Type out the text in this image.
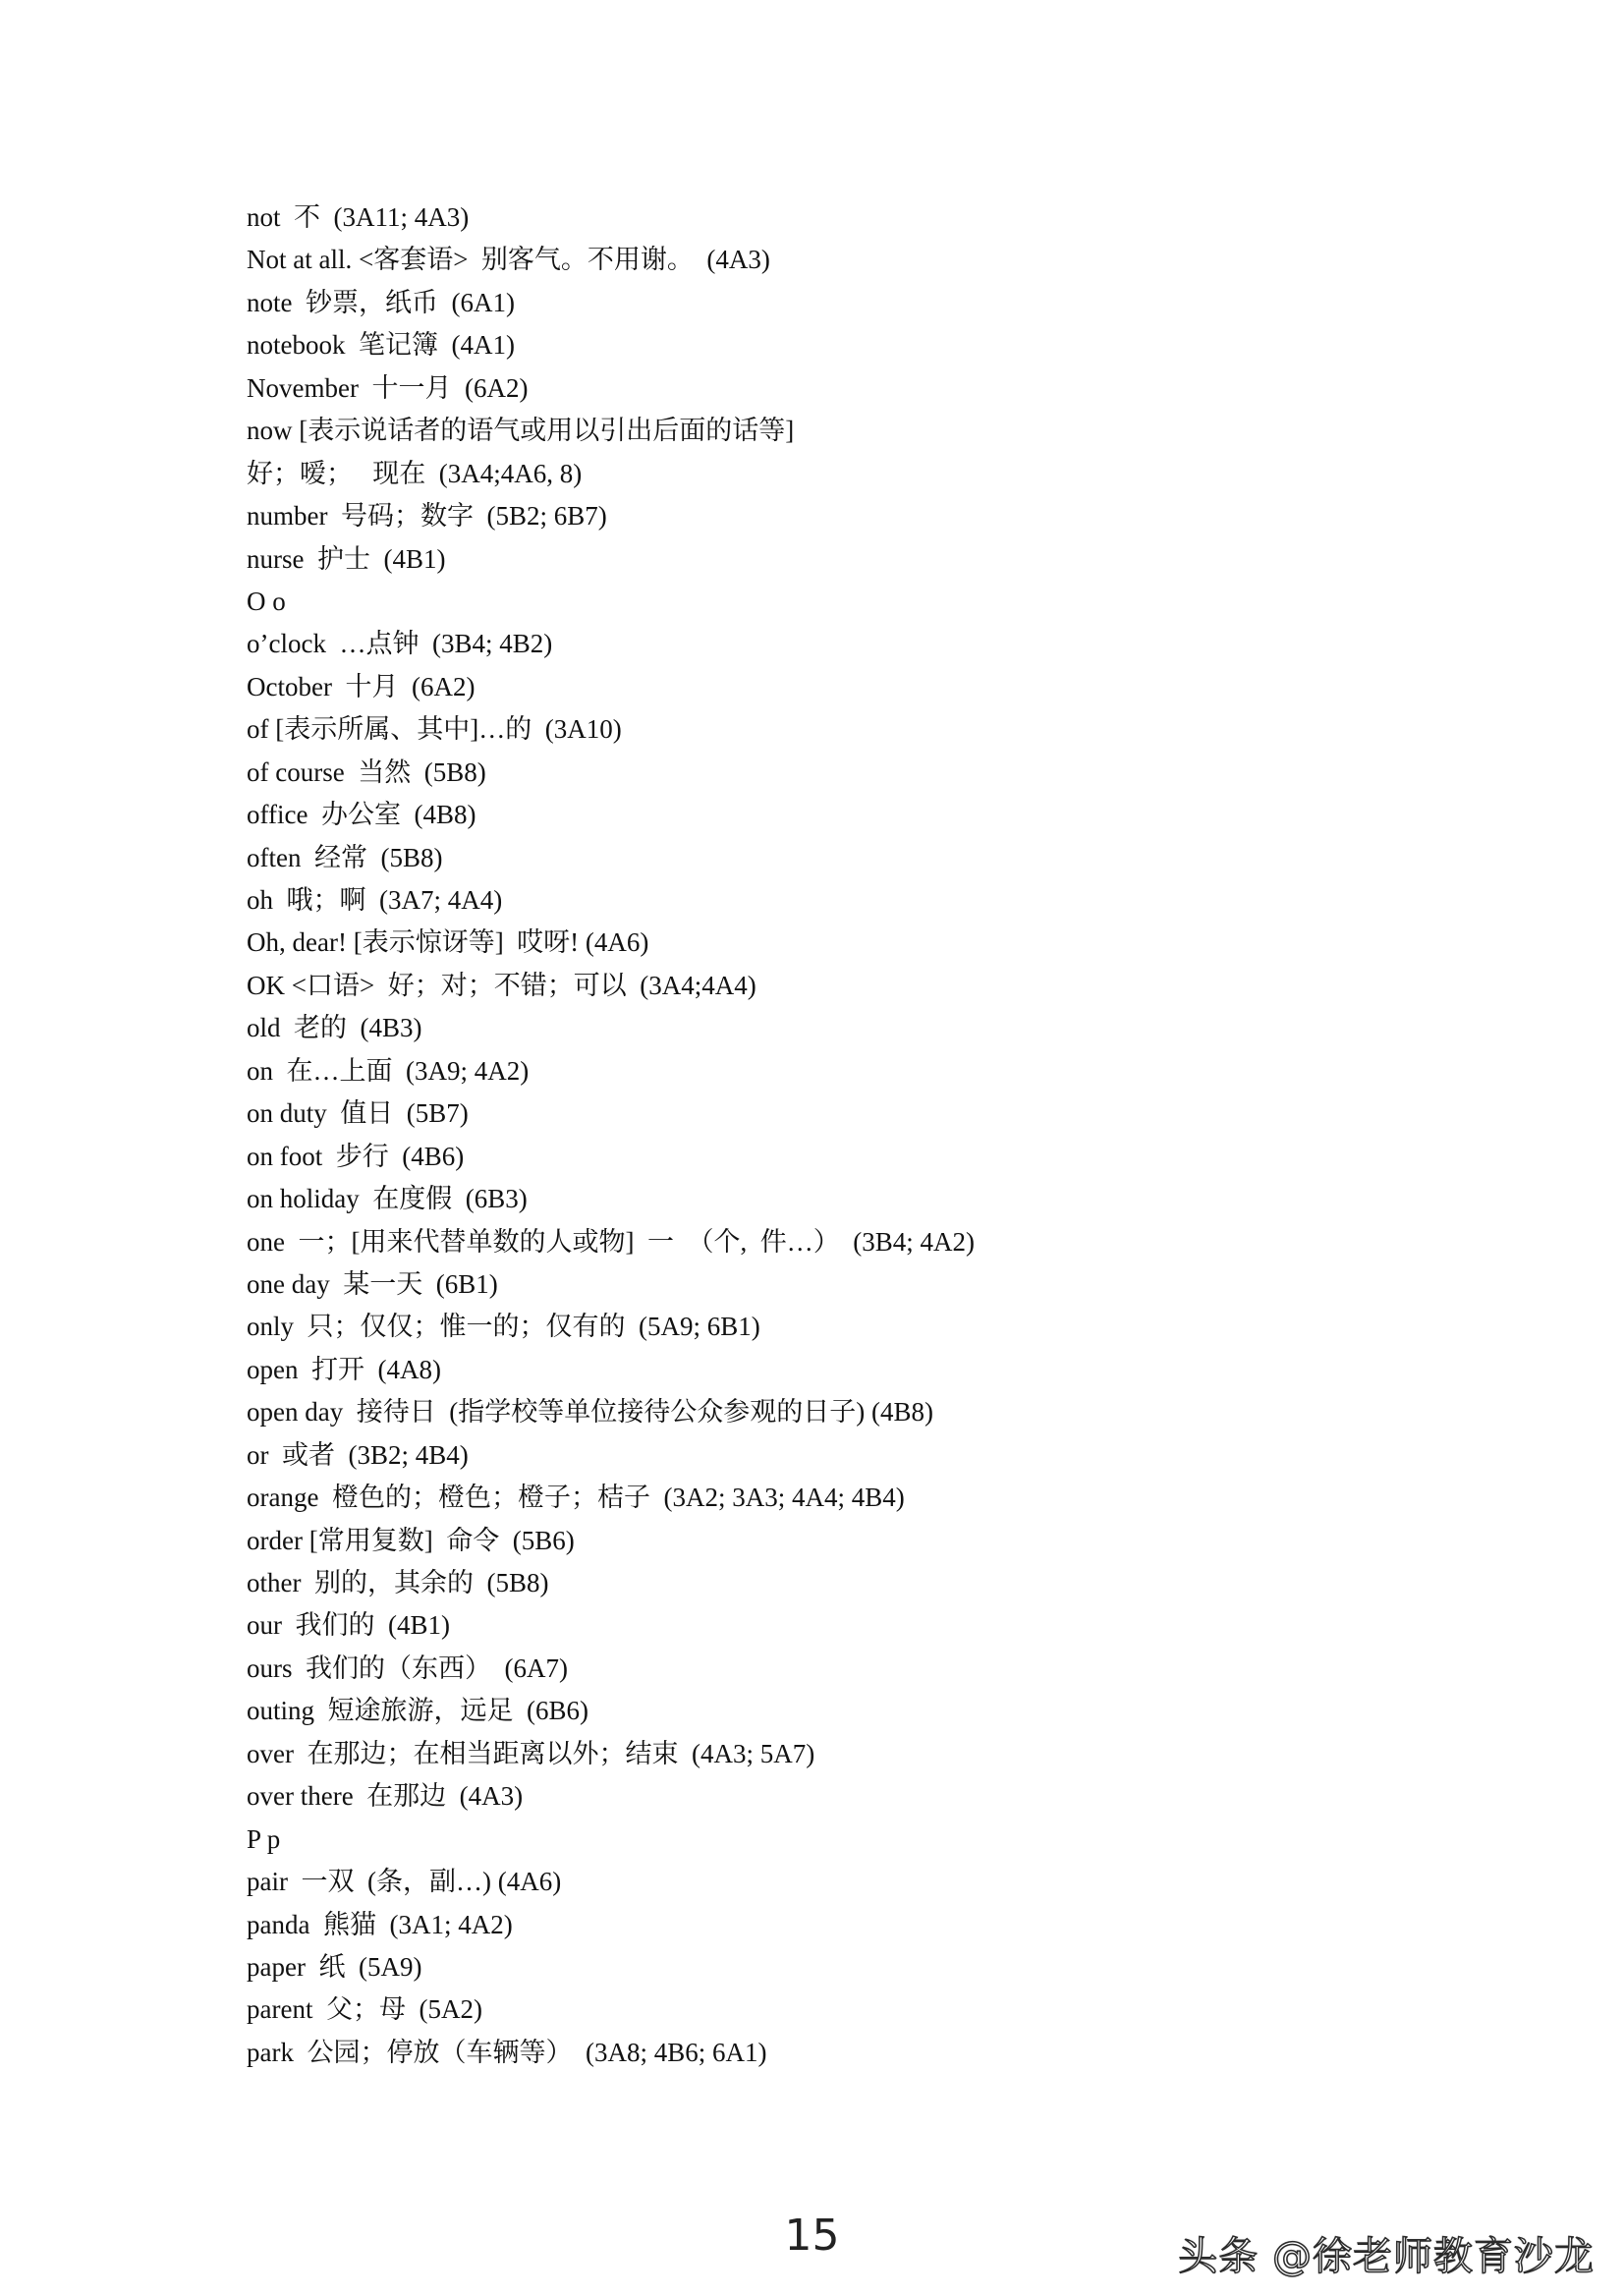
not  不  (3A11; 4A3)
Not at all. <客套语>  别客气。不用谢。  (4A3)
note  钞票，纸币  (6A1)
notebook  笔记簿  (4A1)
November  十一月  (6A2)
now [表示说话者的语气或用以引出后面的话等]
好；嗳；   现在  (3A4;4A6, 8)
number  号码；数字  (5B2; 6B7)
nurse  护士  (4B1)
O o
o’clock  …点钟  (3B4; 4B2)
October  十月  (6A2)
of [表示所属、其中]…的  (3A10)
of course  当然  (5B8)
office  办公室  (4B8)
often  经常  (5B8)
oh  哦；啊  (3A7; 4A4)
Oh, dear! [表示惊讶等]  哎呀! (4A6)
OK <口语>  好；对；不错；可以  (3A4;4A4)
old  老的  (4B3)
on  在…上面  (3A9; 4A2)
on duty  值日  (5B7)
on foot  步行  (4B6)
on holiday  在度假  (6B3)
one  一；[用来代替单数的人或物]  一  （个,  件…）  (3B4; 4A2)
one day  某一天  (6B1)
only  只；仅仅；惟一的；仅有的  (5A9; 6B1)
open  打开  (4A8)
open day  接待日  (指学校等单位接待公众参观的日子) (4B8)
or  或者  (3B2; 4B4)
orange  橙色的；橙色；橙子；桔子  (3A2; 3A3; 4A4; 4B4)
order [常用复数]  命令  (5B6)
other  别的，其余的  (5B8)
our  我们的  (4B1)
ours  我们的（东西）  (6A7)
outing  短途旅游，远足  (6B6)
over  在那边；在相当距离以外；结束  (4A3; 5A7)
over there  在那边  (4A3)
P p
pair  一双  (条，副…) (4A6)
panda  熊猫  (3A1; 4A2)
paper  纸  (5A9)
parent  父；母  (5A2)
park  公园；停放（车辆等）  (3A8; 4B6; 6A1)
15	头条 @徐老师教育沙龙
